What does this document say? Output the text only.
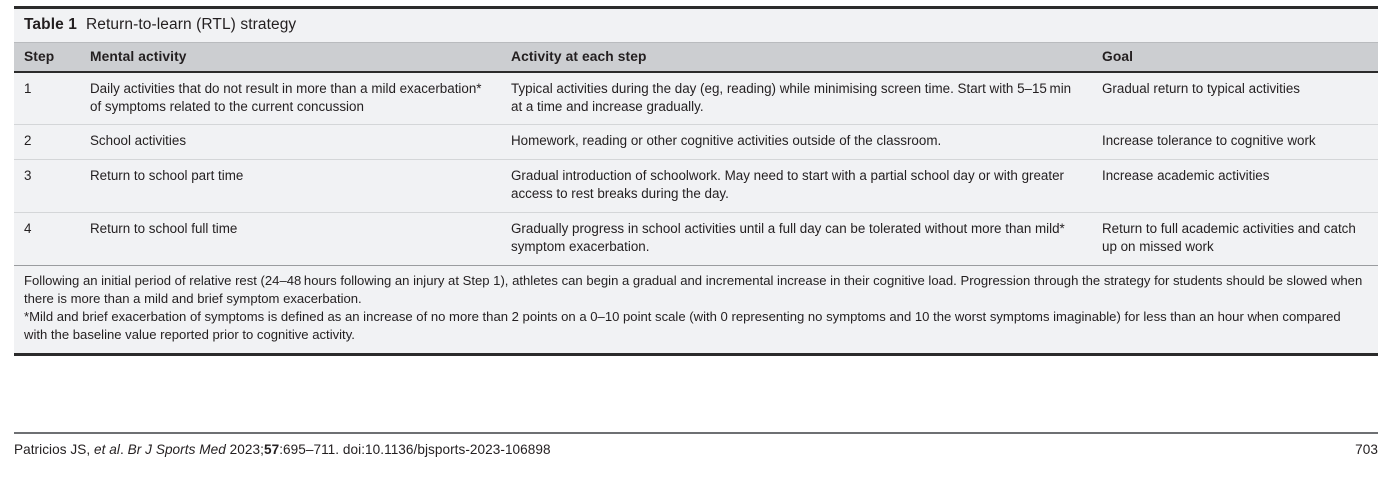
Table 1 Return-to-learn (RTL) strategy
Step	Mental activity	Activity at each step	Goal
1	Daily activities that do not result in more than a mild exacerbation* of symptoms related to the current concussion	Typical activities during the day (eg, reading) while minimising screen time. Start with 5–15 min at a time and increase gradually.	Gradual return to typical activities
2	School activities	Homework, reading or other cognitive activities outside of the classroom.	Increase tolerance to cognitive work
3	Return to school part time	Gradual introduction of schoolwork. May need to start with a partial school day or with greater access to rest breaks during the day.	Increase academic activities
4	Return to school full time	Gradually progress in school activities until a full day can be tolerated without more than mild* symptom exacerbation.	Return to full academic activities and catch up on missed work

Following an initial period of relative rest (24–48 hours following an injury at Step 1), athletes can begin a gradual and incremental increase in their cognitive load. Progression through the strategy for students should be slowed when there is more than a mild and brief symptom exacerbation.

*Mild and brief exacerbation of symptoms is defined as an increase of no more than 2 points on a 0–10 point scale (with 0 representing no symptoms and 10 the worst symptoms imaginable) for less than an hour when compared with the baseline value reported prior to cognitive activity.

Patricios JS, et al. Br J Sports Med 2023;57:695–711. doi:10.1136/bjsports-2023-106898	703
